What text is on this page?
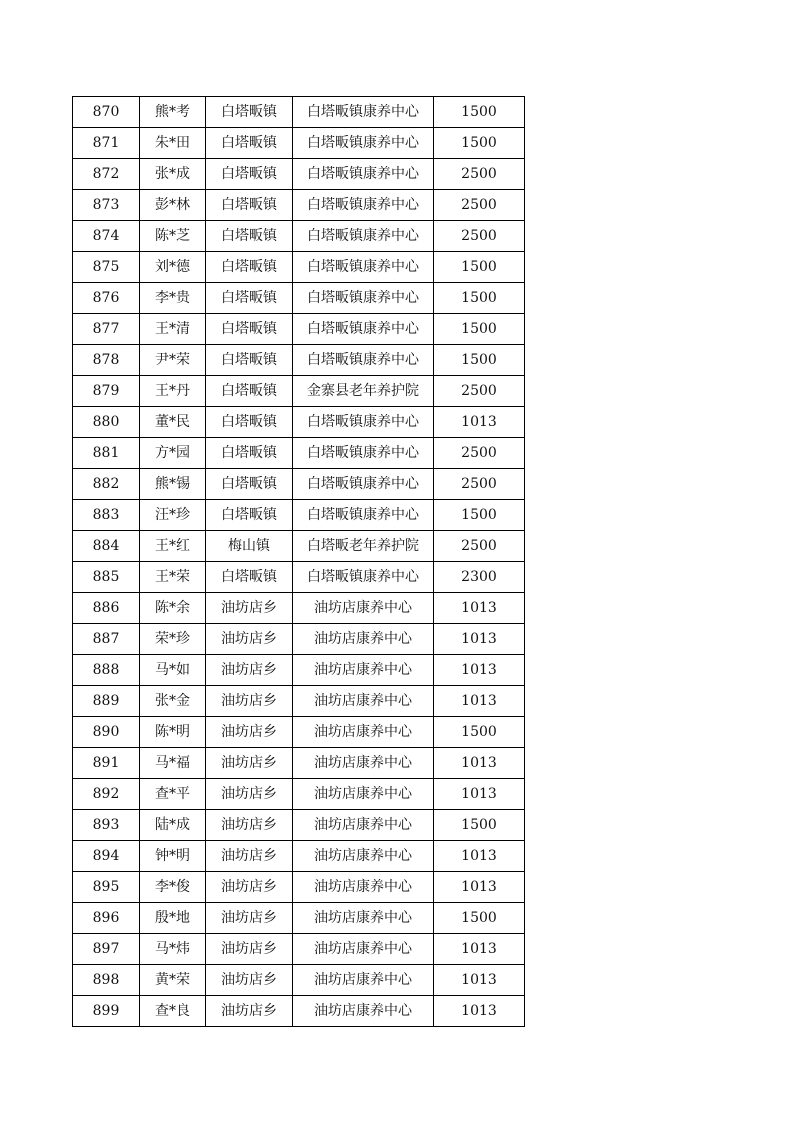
870	熊*考	白塔畈镇	白塔畈镇康养中心	1500
871	朱*田	白塔畈镇	白塔畈镇康养中心	1500
872	张*成	白塔畈镇	白塔畈镇康养中心	2500
873	彭*林	白塔畈镇	白塔畈镇康养中心	2500
874	陈*芝	白塔畈镇	白塔畈镇康养中心	2500
875	刘*德	白塔畈镇	白塔畈镇康养中心	1500
876	李*贵	白塔畈镇	白塔畈镇康养中心	1500
877	王*清	白塔畈镇	白塔畈镇康养中心	1500
878	尹*荣	白塔畈镇	白塔畈镇康养中心	1500
879	王*丹	白塔畈镇	金寨县老年养护院	2500
880	董*民	白塔畈镇	白塔畈镇康养中心	1013
881	方*园	白塔畈镇	白塔畈镇康养中心	2500
882	熊*锡	白塔畈镇	白塔畈镇康养中心	2500
883	汪*珍	白塔畈镇	白塔畈镇康养中心	1500
884	王*红	梅山镇	白塔畈老年养护院	2500
885	王*荣	白塔畈镇	白塔畈镇康养中心	2300
886	陈*余	油坊店乡	油坊店康养中心	1013
887	荣*珍	油坊店乡	油坊店康养中心	1013
888	马*如	油坊店乡	油坊店康养中心	1013
889	张*金	油坊店乡	油坊店康养中心	1013
890	陈*明	油坊店乡	油坊店康养中心	1500
891	马*福	油坊店乡	油坊店康养中心	1013
892	查*平	油坊店乡	油坊店康养中心	1013
893	陆*成	油坊店乡	油坊店康养中心	1500
894	钟*明	油坊店乡	油坊店康养中心	1013
895	李*俊	油坊店乡	油坊店康养中心	1013
896	殷*地	油坊店乡	油坊店康养中心	1500
897	马*炜	油坊店乡	油坊店康养中心	1013
898	黄*荣	油坊店乡	油坊店康养中心	1013
899	查*良	油坊店乡	油坊店康养中心	1013
